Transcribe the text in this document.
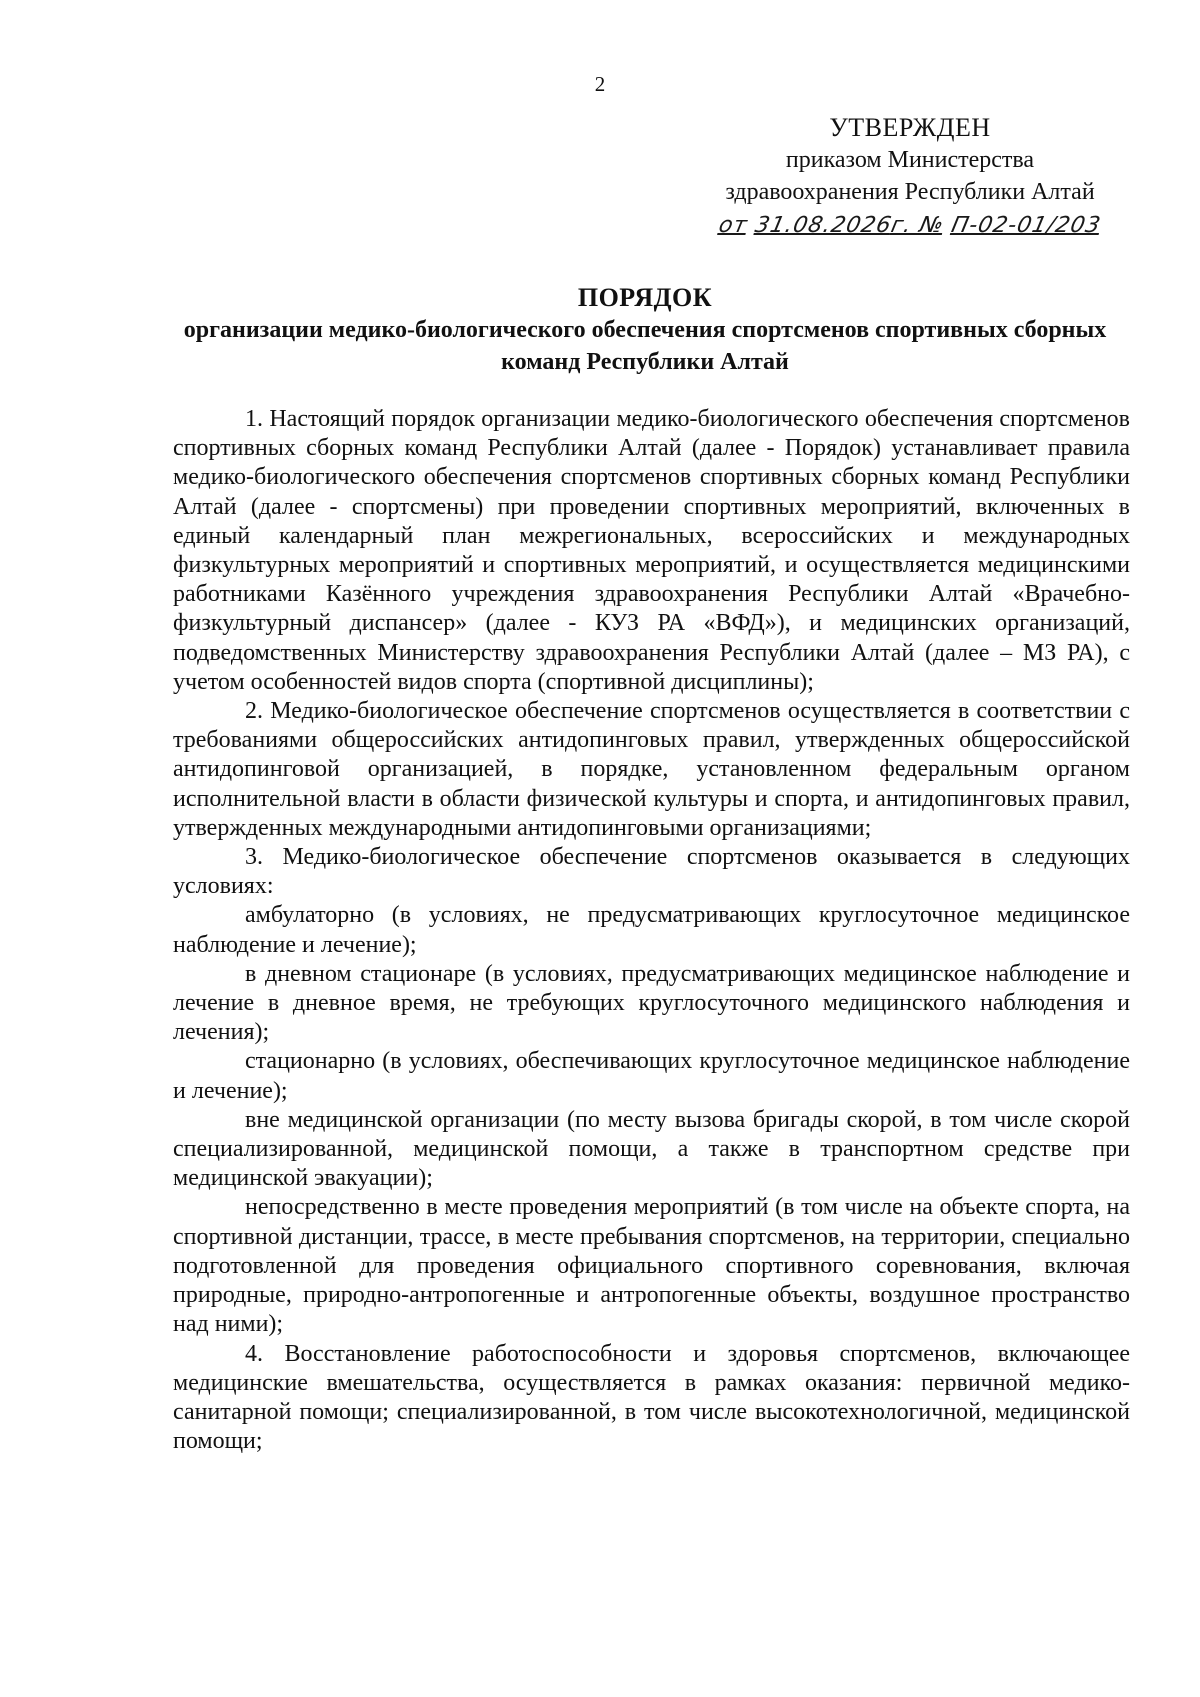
2
УТВЕРЖДЕН
приказом Министерства
здравоохранения Республики Алтай
от 31.08.2026г. № П-02-01/203
ПОРЯДОК
организации медико-биологического обеспечения спортсменов спортивных сборных команд Республики Алтай

1. Настоящий порядок организации медико-биологического обеспечения спортсменов спортивных сборных команд Республики Алтай (далее - Порядок) устанавливает правила медико-биологического обеспечения спортсменов спортивных сборных команд Республики Алтай (далее - спортсмены) при проведении спортивных мероприятий, включенных в единый календарный план межрегиональных, всероссийских и международных физкультурных мероприятий и спортивных мероприятий, и осуществляется медицинскими работниками Казённого учреждения здравоохранения Республики Алтай «Врачебно-физкультурный диспансер» (далее - КУЗ РА «ВФД»), и медицинских организаций, подведомственных Министерству здравоохранения Республики Алтай (далее – МЗ РА), с учетом особенностей видов спорта (спортивной дисциплины);

2. Медико-биологическое обеспечение спортсменов осуществляется в соответствии с требованиями общероссийских антидопинговых правил, утвержденных общероссийской антидопинговой организацией, в порядке, установленном федеральным органом исполнительной власти в области физической культуры и спорта, и антидопинговых правил, утвержденных международными антидопинговыми организациями;

3. Медико-биологическое обеспечение спортсменов оказывается в следующих условиях:

амбулаторно (в условиях, не предусматривающих круглосуточное медицинское наблюдение и лечение);

в дневном стационаре (в условиях, предусматривающих медицинское наблюдение и лечение в дневное время, не требующих круглосуточного медицинского наблюдения и лечения);

стационарно (в условиях, обеспечивающих круглосуточное медицинское наблюдение и лечение);

вне медицинской организации (по месту вызова бригады скорой, в том числе скорой специализированной, медицинской помощи, а также в транспортном средстве при медицинской эвакуации);

непосредственно в месте проведения мероприятий (в том числе на объекте спорта, на спортивной дистанции, трассе, в месте пребывания спортсменов, на территории, специально подготовленной для проведения официального спортивного соревнования, включая природные, природно-антропогенные и антропогенные объекты, воздушное пространство над ними);

4. Восстановление работоспособности и здоровья спортсменов, включающее медицинские вмешательства, осуществляется в рамках оказания: первичной медико-санитарной помощи; специализированной, в том числе высокотехнологичной, медицинской помощи;
